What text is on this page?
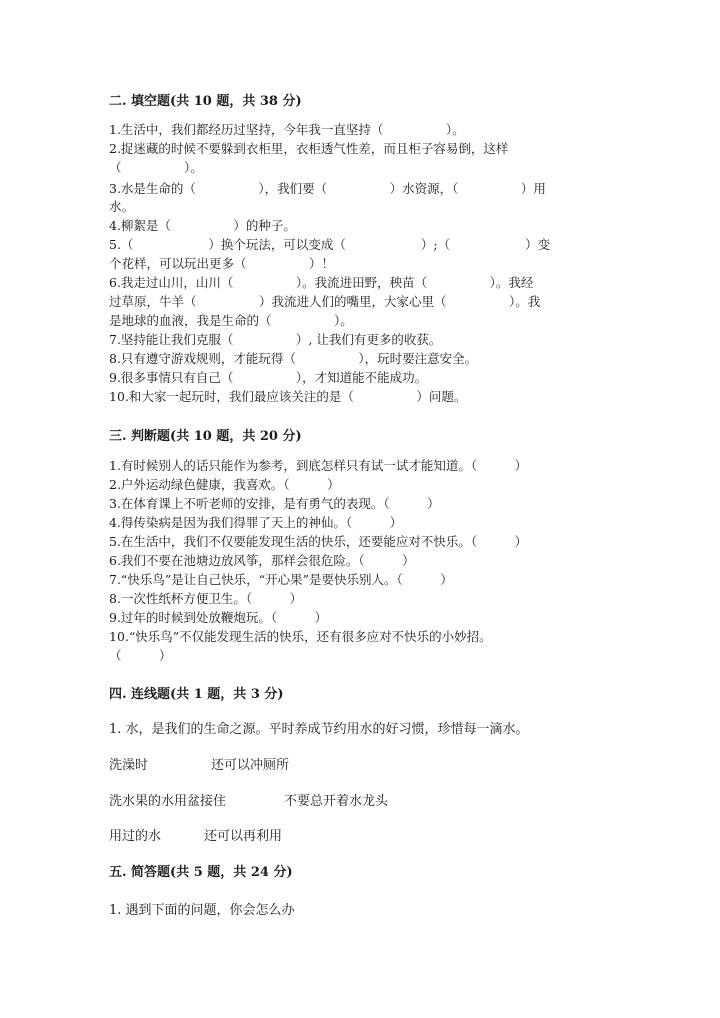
二. 填空题(共 10 题，共 38 分)
1.生活中，我们都经历过坚持，今年我一直坚持（　　　　　）。
2.捉迷藏的时候不要躲到衣柜里，衣柜透气性差，而且柜子容易倒，这样
（　　　　　）。
3.水是生命的（　　　　　），我们要（　　　　　）水资源，（　　　　　）用
水。
4.柳絮是（　　　　　）的种子。
5.（　　　　　　）换个玩法，可以变成（　　　　　　）;（　　　　　　）变
个花样，可以玩出更多（　　　　　）！
6.我走过山川，山川（　　　　　）。我流进田野，秧苗（　　　　　）。我经
过草原，牛羊（　　　　　）我流进人们的嘴里，大家心里（　　　　　）。我
是地球的血液，我是生命的（　　　　　）。
7.坚持能让我们克服（　　　　　）, 让我们有更多的收获。
8.只有遵守游戏规则，才能玩得（　　　　　），玩时要注意安全。
9.很多事情只有自己（　　　　　），才知道能不能成功。
10.和大家一起玩时，我们最应该关注的是（　　　　　）问题。
三. 判断题(共 10 题，共 20 分)
1.有时候别人的话只能作为参考，到底怎样只有试一试才能知道。（　　　）
2.户外运动绿色健康，我喜欢。（　　　）
3.在体育课上不听老师的安排，是有勇气的表现。（　　　）
4.得传染病是因为我们得罪了天上的神仙。（　　　）
5.在生活中，我们不仅要能发现生活的快乐，还要能应对不快乐。（　　　）
6.我们不要在池塘边放风筝，那样会很危险。（　　　）
7.“快乐鸟”是让自己快乐，“开心果”是要快乐别人。（　　　）
8.一次性纸杯方便卫生。（　　　）
9.过年的时候到处放鞭炮玩。（　　　）
10.“快乐鸟”不仅能发现生活的快乐，还有很多应对不快乐的小妙招。
（　　　）
四. 连线题(共 1 题，共 3 分)
1. 水，是我们的生命之源。平时养成节约用水的好习惯，珍惜每一滴水。
洗澡时	还可以冲厕所
洗水果的水用盆接住	不要总开着水龙头
用过的水	还可以再利用
五. 简答题(共 5 题，共 24 分)
1. 遇到下面的问题，你会怎么办
